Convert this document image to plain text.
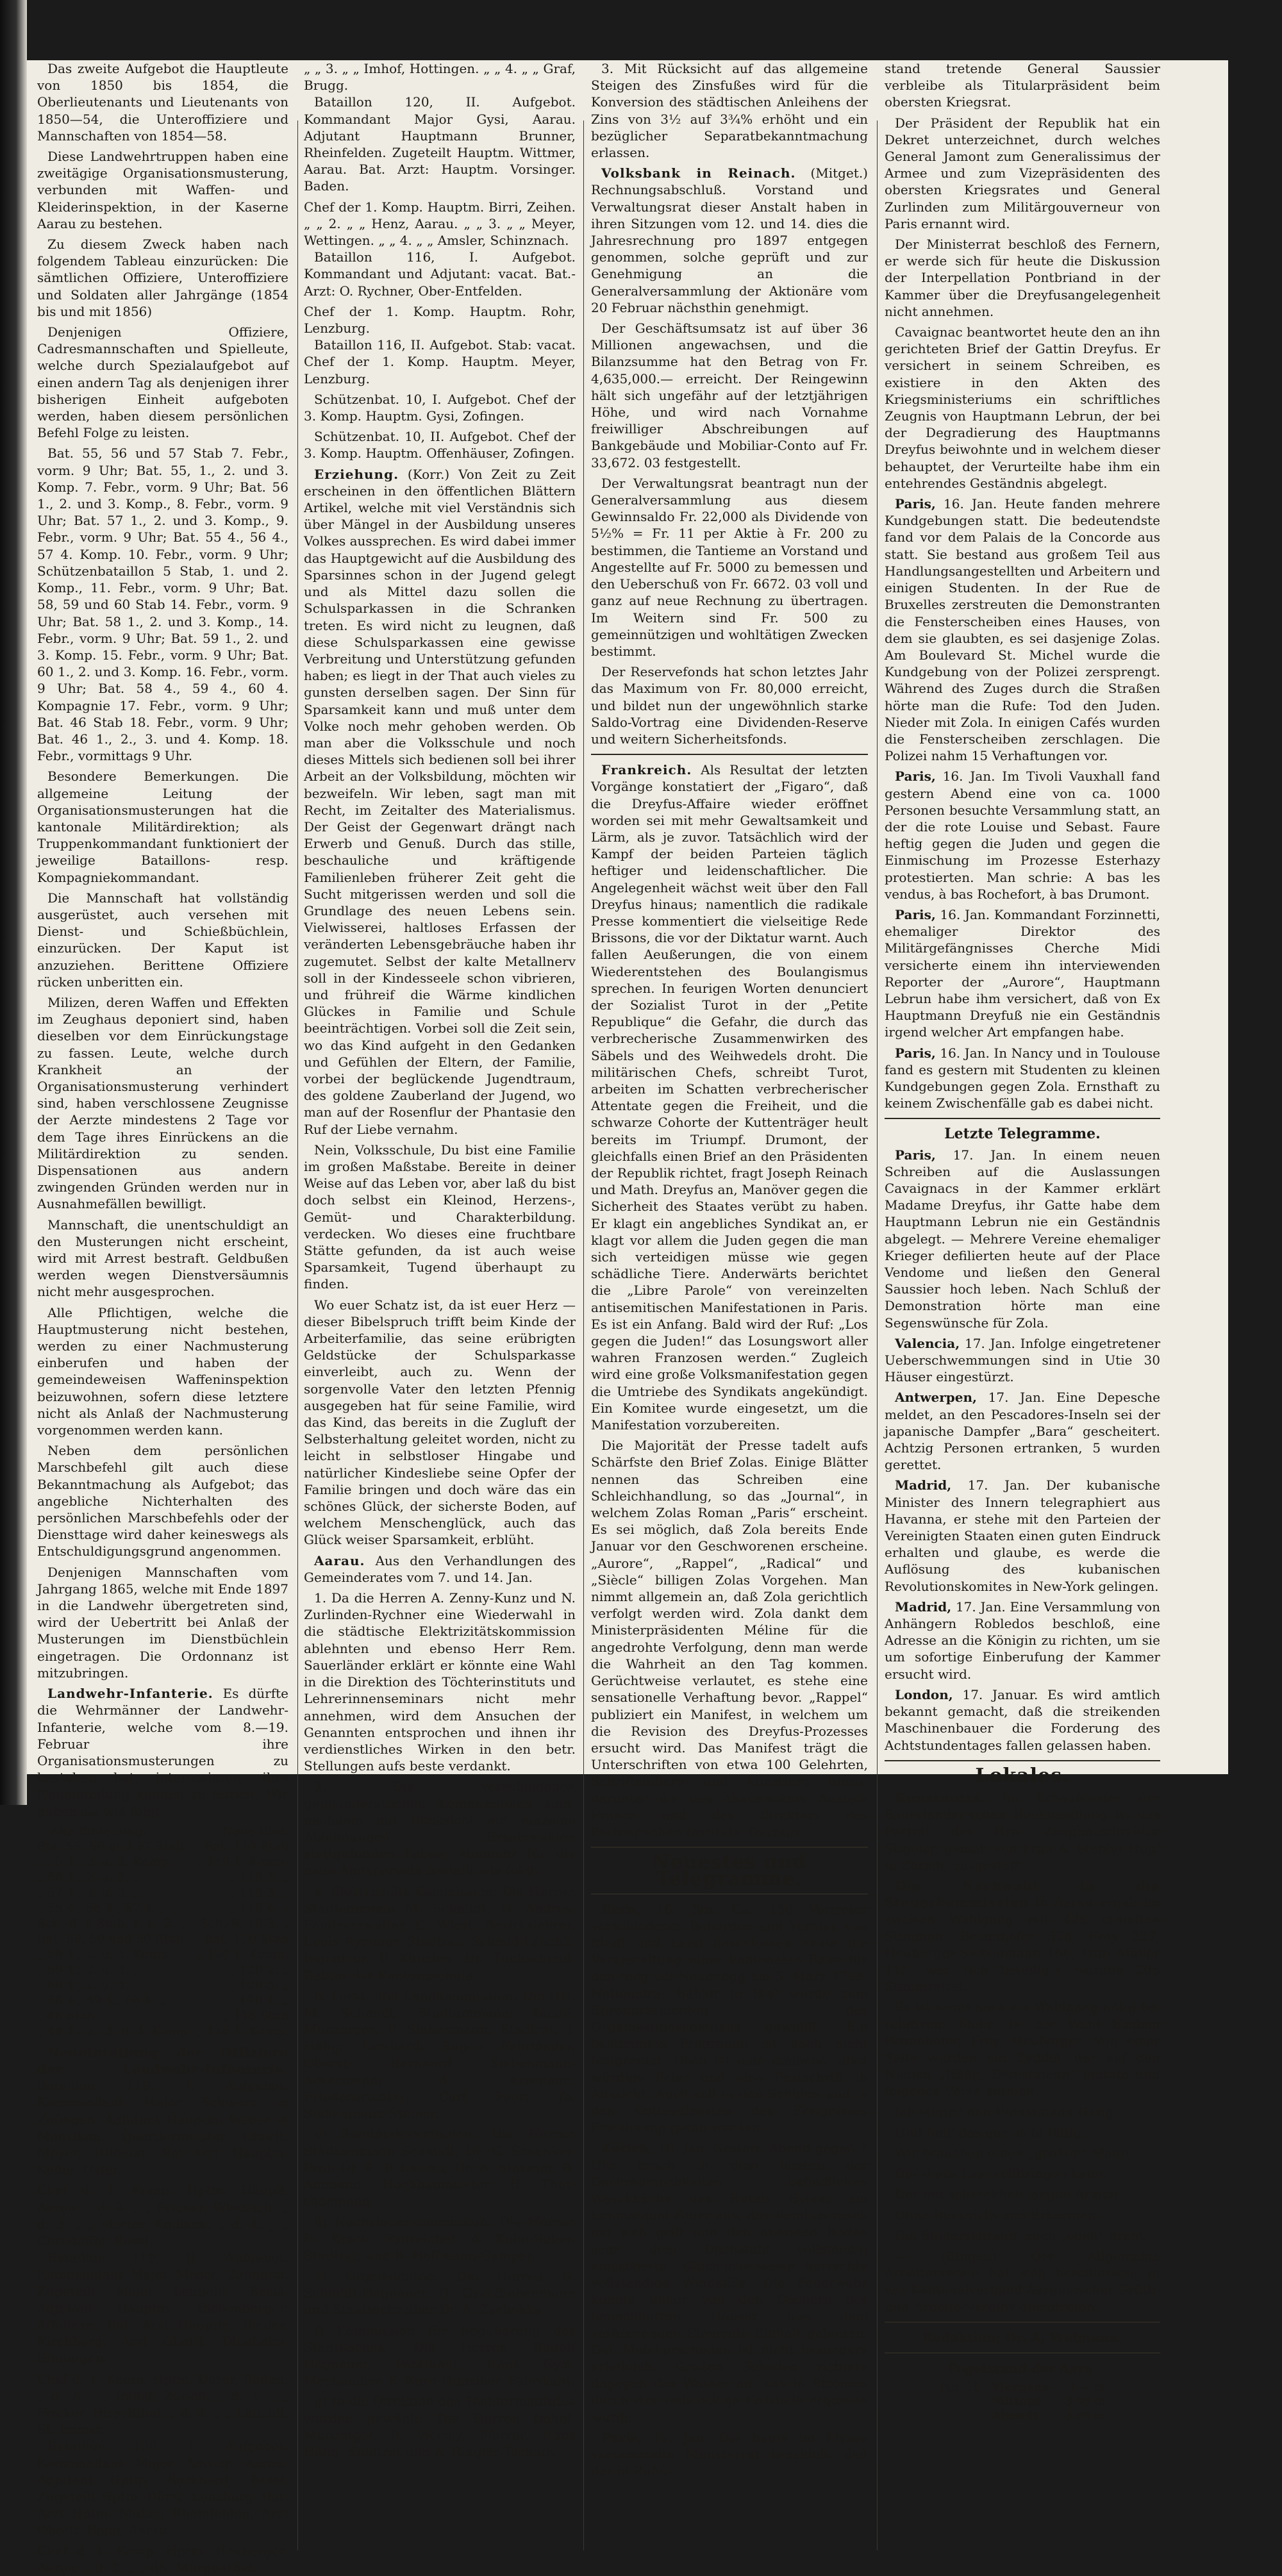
Das zweite Aufgebot die Hauptleute von 1850 bis 1854, die Oberlieutenants und Lieutenants von 1850—54, die Unteroffiziere und Mannschaften von 1854—58.

Diese Landwehrtruppen haben eine zweitägige Organisationsmusterung, verbunden mit Waffen- und Kleiderinspektion, in der Kaserne Aarau zu bestehen.

Zu diesem Zweck haben nach folgendem Tableau einzurücken: Die sämtlichen Offiziere, Unteroffiziere und Soldaten aller Jahrgänge (1854 bis und mit 1856)

Denjenigen Offiziere, Cadresmannschaften und Spielleute, welche durch Spezialaufgebot auf einen andern Tag als denjenigen ihrer bisherigen Einheit aufgeboten werden, haben diesem persönlichen Befehl Folge zu leisten.

Bat. 55, 56 und 57 Stab 7. Febr., vorm. 9 Uhr; Bat. 55, 1., 2. und 3. Komp. 7. Febr., vorm. 9 Uhr; Bat. 56 1., 2. und 3. Komp., 8. Febr., vorm. 9 Uhr; Bat. 57 1., 2. und 3. Komp., 9. Febr., vorm. 9 Uhr; Bat. 55 4., 56 4., 57 4. Komp. 10. Febr., vorm. 9 Uhr; Schützenbataillon 5 Stab, 1. und 2. Komp., 11. Febr., vorm. 9 Uhr; Bat. 58, 59 und 60 Stab 14. Febr., vorm. 9 Uhr; Bat. 58 1., 2. und 3. Komp., 14. Febr., vorm. 9 Uhr; Bat. 59 1., 2. und 3. Komp. 15. Febr., vorm. 9 Uhr; Bat. 60 1., 2. und 3. Komp. 16. Febr., vorm. 9 Uhr; Bat. 58 4., 59 4., 60 4. Kompagnie 17. Febr., vorm. 9 Uhr; Bat. 46 Stab 18. Febr., vorm. 9 Uhr; Bat. 46 1., 2., 3. und 4. Komp. 18. Febr., vormittags 9 Uhr.

Besondere Bemerkungen. Die allgemeine Leitung der Organisationsmusterungen hat die kantonale Militärdirektion; als Truppenkommandant funktioniert der jeweilige Bataillons- resp. Kompagniekommandant.

Die Mannschaft hat vollständig ausgerüstet, auch versehen mit Dienst- und Schießbüchlein, einzurücken. Der Kaput ist anzuziehen. Berittene Offiziere rücken unberitten ein.

Milizen, deren Waffen und Effekten im Zeughaus deponiert sind, haben dieselben vor dem Einrückungstage zu fassen. Leute, welche durch Krankheit an der Organisationsmusterung verhindert sind, haben verschlossene Zeugnisse der Aerzte mindestens 2 Tage vor dem Tage ihres Einrückens an die Militärdirektion zu senden. Dispensationen aus andern zwingenden Gründen werden nur in Ausnahmefällen bewilligt.

Mannschaft, die unentschuldigt an den Musterungen nicht erscheint, wird mit Arrest bestraft. Geldbußen werden wegen Dienstversäumnis nicht mehr ausgesprochen.

Alle Pflichtigen, welche die Hauptmusterung nicht bestehen, werden zu einer Nachmusterung einberufen und haben der gemeindeweisen Waffeninspektion beizuwohnen, sofern diese letztere nicht als Anlaß der Nachmusterung vorgenommen werden kann.

Neben dem persönlichen Marschbefehl gilt auch diese Bekanntmachung als Aufgebot; das angebliche Nichterhalten des persönlichen Marschbefehls oder der Diensttage wird daher keineswegs als Entschuldigungsgrund angenommen.

Denjenigen Mannschaften vom Jahrgang 1865, welche mit Ende 1897 in die Landwehr übergetreten sind, wird der Uebertritt bei Anlaß der Musterungen im Dienstbüchlein eingetragen. Die Ordonnanz ist mitzubringen.

Landwehr-Infanterie. Es dürfte die Wehrmänner der Landwehr-Infanterie, welche vom 8.—19. Februar ihre Organisationsmusterungen zu bestehen hat, interessieren, ihre Neueinteilung kennen zu lernen. Wir geben sie wie folgt:

Alte Einteilung.	Neue Eint.
Bat. 55, 56 und 57 Stab	Bat. 119 Stab
„ 55 1., 2. u. 3. Komp.	„ 119 1. Komp.
„ 56 1., 2. u. 3. „	„ 119 2. „
„ 57 1., 2. u. 3. „	„ 119 3. „
„ 55 4., 56 4., 57 4. „	„ 119 4. „
Sch.-B. 5 Stab, 1. u. 2. „	Sch.-B. 10 3. „
Bat. 58, 59 und 60 Stab	Bat. 120 Stab
„ 58 1., 2. u. 3. Komp.	„ 120 1. Komp.
„ 59 1., 2. u. 3. „	„ 120 2. „
„ 60 1., 2. u. 3. „	„ 120 3. „
„ 58 4., 59 4., 60 4. „	„ 120 4. „
„ 46 Stab	„ 116 Stab
„ 46 1., 2., 3. u. 4. Komp.	„ 116 1. Komp.

Neueinteilung der Offiziere der Landwehr-Infanterie. Bataillon 119, I. Aufgebot. Kommandant Major Schwarz in Zofingen. Adjutant Hauptm. Weber in Menziken. Quartiermeister Oberlt. Meyer, Hilfikon. Bat.-Arzt Hauptm. Keller, Uster.

Chef d. 1. Komp. Hptm. Häupli, Aarau. „ d. 2. „ „ Fricker, Windisch. „ d. 3. „ „ Matter, Kölliken. „ d. 4. „ „ Christoffel, Basel.

Bataillon 119, II. Aufgebot. Kommandant Major Moser, Zofingen. Zugeteilt Major Leupold, Basel. Adjutant Hauptm. Eichenberger, Affoltern. Bat. Arzt Hauptm. Bieder, Kirchberg. Arzt Oberlt. Ditisheim, Binningen.

Chef d. 1. Komp. Hptm. Dorer, Baden. „ d. 2. „ „ Imhof, Zürich. „ d. 3. „ „ Fricker, Hirschthal. „ d. 4. „ „ Läuchli, St. Immer.

Bataillon 120, I. Aufgebot. Kommandant Major Amsler, Aarau. Adjutant Hptm. Burkhard, Basel. Zugeteilt Hptm. Dürst, Lenzburg. Bat. Arzt Hptm. Müller, Rheinfelden, Arzt Oberlt. Bopp, Aarau.

Chef d. 1. Komp. Hptm. Heuberger, Aarau. „ d. 2. „ „ Ith, Murgenthal.

„ „ 3. „ „ Imhof, Hottingen. „ „ 4. „ „ Graf, Brugg.

Bataillon 120, II. Aufgebot. Kommandant Major Gysi, Aarau. Adjutant Hauptmann Brunner, Rheinfelden. Zugeteilt Hauptm. Wittmer, Aarau. Bat. Arzt: Hauptm. Vorsinger. Baden.

Chef der 1. Komp. Hauptm. Birri, Zeihen. „ „ 2. „ „ Henz, Aarau. „ „ 3. „ „ Meyer, Wettingen. „ „ 4. „ „ Amsler, Schinznach.

Bataillon 116, I. Aufgebot. Kommandant und Adjutant: vacat. Bat.-Arzt: O. Rychner, Ober-Entfelden.

Chef der 1. Komp. Hauptm. Rohr, Lenzburg.

Bataillon 116, II. Aufgebot. Stab: vacat. Chef der 1. Komp. Hauptm. Meyer, Lenzburg.

Schützenbat. 10, I. Aufgebot. Chef der 3. Komp. Hauptm. Gysi, Zofingen.

Schützenbat. 10, II. Aufgebot. Chef der 3. Komp. Hauptm. Offenhäuser, Zofingen.

Erziehung. (Korr.) Von Zeit zu Zeit erscheinen in den öffentlichen Blättern Artikel, welche mit viel Verständnis sich über Mängel in der Ausbildung unseres Volkes aussprechen. Es wird dabei immer das Hauptgewicht auf die Ausbildung des Sparsinnes schon in der Jugend gelegt und als Mittel dazu sollen die Schulsparkassen in die Schranken treten. Es wird nicht zu leugnen, daß diese Schulsparkassen eine gewisse Verbreitung und Unterstützung gefunden haben; es liegt in der That auch vieles zu gunsten derselben sagen. Der Sinn für Sparsamkeit kann und muß unter dem Volke noch mehr gehoben werden. Ob man aber die Volksschule und noch dieses Mittels sich bedienen soll bei ihrer Arbeit an der Volksbildung, möchten wir bezweifeln. Wir leben, sagt man mit Recht, im Zeitalter des Materialismus. Der Geist der Gegenwart drängt nach Erwerb und Genuß. Durch das stille, beschauliche und kräftigende Familienleben früherer Zeit geht die Sucht mitgerissen werden und soll die Grundlage des neuen Lebens sein. Vielwisserei, haltloses Erfassen der veränderten Lebensgebräuche haben ihr zugemutet. Selbst der kalte Metallnerv soll in der Kindesseele schon vibrieren, und frühreif die Wärme kindlichen Glückes in Familie und Schule beeinträchtigen. Vorbei soll die Zeit sein, wo das Kind aufgeht in den Gedanken und Gefühlen der Eltern, der Familie, vorbei der beglückende Jugendtraum, des goldene Zauberland der Jugend, wo man auf der Rosenflur der Phantasie den Ruf der Liebe vernahm.

Nein, Volksschule, Du bist eine Familie im großen Maßstabe. Bereite in deiner Weise auf das Leben vor, aber laß du bist doch selbst ein Kleinod, Herzens-, Gemüt- und Charakterbildung. verdecken. Wo dieses eine fruchtbare Stätte gefunden, da ist auch weise Sparsamkeit, Tugend überhaupt zu finden.

Wo euer Schatz ist, da ist euer Herz — dieser Bibelspruch trifft beim Kinde der Arbeiterfamilie, das seine erübrigten Geldstücke der Schulsparkasse einverleibt, auch zu. Wenn der sorgenvolle Vater den letzten Pfennig ausgegeben hat für seine Familie, wird das Kind, das bereits in die Zugluft der Selbsterhaltung geleitet worden, nicht zu leicht in selbstloser Hingabe und natürlicher Kindesliebe seine Opfer der Familie bringen und doch wäre das ein schönes Glück, der sicherste Boden, auf welchem Menschenglück, auch das Glück weiser Sparsamkeit, erblüht.

Aarau. Aus den Verhandlungen des Gemeinderates vom 7. und 14. Jan.

1. Da die Herren A. Zenny-Kunz und N. Zurlinden-Rychner eine Wiederwahl in die städtische Elektrizitätskommission ablehnten und ebenso Herr Rem. Sauerländer erklärt er könnte eine Wahl in die Direktion des Töchterinstituts und Lehrerinnenseminars nicht mehr annehmen, wird dem Ansuchen der Genannten entsprochen und ihnen ihr verdienstliches Wirken in den betr. Stellungen aufs beste verdankt.

2. Die verschiedenen gemeinderätlichen Kommissionen sind, nachdem mit Rücksicht auf einzelne Ablehnungen Ersatzwahlen stattgefunden haben, nunmehr für die neue Amtsperiode bestellt wie folgt:

a. Elektrizitäts-Kommission: Die Herren Stadtammann M. Schmidt, G. Andres, Fondsverwalter, C. Wiest, Bezirkslehrer, Louis Rychner, Stadtrat, Schmid-Läuchli, Ingenieur, F. Künzlen, Dr. Tuchschmid, Rektor der Kantonsschule.

b. Forst- und Landkommission: Die HH. M. Schmidt, Stadtammann; Imhof-Munzinger; F. Siebenmann, Stadtrat; J. Häfig; Lienhard; Eugen Fahrländer, Oberst; Bernhard Siebenmann-Ackermann; A. Erismann, Friedensrichter; Carl Feer; Jb. Siebenmann-Steiner.

c) Sanitätskommission: Die Herren Stadtammann Schmidt, Dr. G. Schenker, Prof. Dr. E. P. Liechti, Dr. A. Stäbelin, R. Ammann, Hochbaumeister, H. Thut-Gidemann.

d) Nachsteuerkommission: Die Herren H. Brack, Polizeichef, A. Kuhn-Suber, Stadtrat, und E. Hoffmann-Gamper.

e) Orgelkomitee: Die Herren G. Schmidt-Hagnauer, O. Gysi-Siebenmann und Staatsschreiber Dr. A. Zschokke.

f) Kommission für Regulierung des Stadtbaches: Die Herren Rudolf Hegnauer, Fabrikant, Hans Gysi, Mechaniker, E. Kern-Hunziker, Fabrikant.

g) In die Direktion des Töchterinstitutes wurden gewählt: Die Herren Imhof-Munzinger, R. Wernly, Pfarrer, Hans Häfig, Stadtrat und A. Ringier-Tschudy.

3. Mit Rücksicht auf das allgemeine Steigen des Zinsfußes wird für die Konversion des städtischen Anleihens der Zins von 3½ auf 3¾% erhöht und ein bezüglicher Separatbekanntmachung erlassen.

Volksbank in Reinach. (Mitget.) Rechnungsabschluß. Vorstand und Verwaltungsrat dieser Anstalt haben in ihren Sitzungen vom 12. und 14. dies die Jahresrechnung pro 1897 entgegen genommen, solche geprüft und zur Genehmigung an die Generalversammlung der Aktionäre vom 20 Februar nächsthin genehmigt.

Der Geschäftsumsatz ist auf über 36 Millionen angewachsen, und die Bilanzsumme hat den Betrag von Fr. 4,635,000.— erreicht. Der Reingewinn hält sich ungefähr auf der letztjährigen Höhe, und wird nach Vornahme freiwilliger Abschreibungen auf Bankgebäude und Mobiliar-Conto auf Fr. 33,672. 03 festgestellt.

Der Verwaltungsrat beantragt nun der Generalversammlung aus diesem Gewinnsaldo Fr. 22,000 als Dividende von 5½% = Fr. 11 per Aktie à Fr. 200 zu bestimmen, die Tantieme an Vorstand und Angestellte auf Fr. 5000 zu bemessen und den Ueberschuß von Fr. 6672. 03 voll und ganz auf neue Rechnung zu übertragen. Im Weitern sind Fr. 500 zu gemeinnützigen und wohltätigen Zwecken bestimmt.

Der Reservefonds hat schon letztes Jahr das Maximum von Fr. 80,000 erreicht, und bildet nun der ungewöhnlich starke Saldo-Vortrag eine Dividenden-Reserve und weitern Sicherheitsfonds.

Frankreich. Als Resultat der letzten Vorgänge konstatiert der „Figaro“, daß die Dreyfus-Affaire wieder eröffnet worden sei mit mehr Gewaltsamkeit und Lärm, als je zuvor. Tatsächlich wird der Kampf der beiden Parteien täglich heftiger und leidenschaftlicher. Die Angelegenheit wächst weit über den Fall Dreyfus hinaus; namentlich die radikale Presse kommentiert die vielseitige Rede Brissons, die vor der Diktatur warnt. Auch fallen Aeußerungen, die von einem Wiederentstehen des Boulangismus sprechen. In feurigen Worten denunciert der Sozialist Turot in der „Petite Republique“ die Gefahr, die durch das verbrecherische Zusammenwirken des Säbels und des Weihwedels droht. Die militärischen Chefs, schreibt Turot, arbeiten im Schatten verbrecherischer Attentate gegen die Freiheit, und die schwarze Cohorte der Kuttenträger heult bereits im Triumpf. Drumont, der gleichfalls einen Brief an den Präsidenten der Republik richtet, fragt Joseph Reinach und Math. Dreyfus an, Manöver gegen die Sicherheit des Staates verübt zu haben. Er klagt ein angebliches Syndikat an, er klagt vor allem die Juden gegen die man sich verteidigen müsse wie gegen schädliche Tiere. Anderwärts berichtet die „Libre Parole“ von vereinzelten antisemitischen Manifestationen in Paris. Es ist ein Anfang. Bald wird der Ruf: „Los gegen die Juden!“ das Losungswort aller wahren Franzosen werden.“ Zugleich wird eine große Volksmanifestation gegen die Umtriebe des Syndikats angekündigt. Ein Komitee wurde eingesetzt, um die Manifestation vorzubereiten.

Die Majorität der Presse tadelt aufs Schärfste den Brief Zolas. Einige Blätter nennen das Schreiben eine Schleichhandlung, so das „Journal“, in welchem Zolas Roman „Paris“ erscheint. Es sei möglich, daß Zola bereits Ende Januar vor den Geschworenen erscheine. „Aurore“, „Rappel“, „Radical“ und „Siècle“ billigen Zolas Vorgehen. Man nimmt allgemein an, daß Zola gerichtlich verfolgt werden wird. Zola dankt dem Ministerpräsidenten Méline für die angedrohte Verfolgung, denn man werde die Wahrheit an den Tag kommen. Gerüchtweise verlautet, es stehe eine sensationelle Verhaftung bevor. „Rappel“ publiziert ein Manifest, in welchem um die Revision des Dreyfus-Prozesses ersucht wird. Das Manifest trägt die Unterschriften von etwa 100 Gelehrten, Schriftstellern und Künstlern hinzu, darunter die des Akademikers Anatole France und des Direktors des Pasteur'schen Instituts, Duclaux.

Neuestes und Telegramme.

Bern, 16. Jan. Ca. 150 Vertreter verschiedener Behörden und Vereine von Stadt und Land beschlossen heute die Veranstaltung einer kantonalen Feier für den Sieg bei Neuenegg am 5. März 1798. Nationalrat Bähler in Biel wurde zum Ehrenpräsidenten des Organisationskomitees gewählt. Ein bestimmtes Programm ist noch nicht festgesetzt. Doch ist eine einfache, aber würdige Feier und eine Festschrift in Aussicht. Auch soll in den Schulen und in den Gottesdiensten des Ereignisses Erwähnung getan werden.

Zürich, 16. Jan. Gestern Abend gegen 7 Uhr brach in dem letzten der Dachräumlichkeiten befindlichen Waschküche des Hotels Bylant am Limmatquai Feuer aus, das ziemlich rasch um sich griff und den obersten Boden samt dem Dachstuhl vollständig einäscherte. Glücklicherweise herrschte vollständige Windstille. Die Feuerwehr konnte daher von den Dächern der benachbarten Häuser aus dem verheerenden Elemente Einhalt gebieten. Der Mobiliarschaden ist nicht besonders erheblich. Großen Schaden richtete dagegen das Wasser an, das in Strömen durch das vielstöckige Gebäude ergossen wurde.

Paris, 15. Jan. Der heute im Elysee versammelte Ministerrat beschloß, daß der in Ruhe-

stand tretende General Saussier verbleibe als Titularpräsident beim obersten Kriegsrat.

Der Präsident der Republik hat ein Dekret unterzeichnet, durch welches General Jamont zum Generalissimus der Armee und zum Vizepräsidenten des obersten Kriegsrates und General Zurlinden zum Militärgouverneur von Paris ernannt wird.

Der Ministerrat beschloß des Fernern, er werde sich für heute die Diskussion der Interpellation Pontbriand in der Kammer über die Dreyfusangelegenheit nicht annehmen.

Cavaignac beantwortet heute den an ihn gerichteten Brief der Gattin Dreyfus. Er versichert in seinem Schreiben, es existiere in den Akten des Kriegsministeriums ein schriftliches Zeugnis von Hauptmann Lebrun, der bei der Degradierung des Hauptmanns Dreyfus beiwohnte und in welchem dieser behauptet, der Verurteilte habe ihm ein entehrendes Geständnis abgelegt.

Paris, 16. Jan. Heute fanden mehrere Kundgebungen statt. Die bedeutendste fand vor dem Palais de la Concorde aus statt. Sie bestand aus großem Teil aus Handlungsangestellten und Arbeitern und einigen Studenten. In der Rue de Bruxelles zerstreuten die Demonstranten die Fensterscheiben eines Hauses, von dem sie glaubten, es sei dasjenige Zolas. Am Boulevard St. Michel wurde die Kundgebung von der Polizei zersprengt. Während des Zuges durch die Straßen hörte man die Rufe: Tod den Juden. Nieder mit Zola. In einigen Cafés wurden die Fensterscheiben zerschlagen. Die Polizei nahm 15 Verhaftungen vor.

Paris, 16. Jan. Im Tivoli Vauxhall fand gestern Abend eine von ca. 1000 Personen besuchte Versammlung statt, an der die rote Louise und Sebast. Faure heftig gegen die Juden und gegen die Einmischung im Prozesse Esterhazy protestierten. Man schrie: A bas les vendus, à bas Rochefort, à bas Drumont.

Paris, 16. Jan. Kommandant Forzinnetti, ehemaliger Direktor des Militärgefängnisses Cherche Midi versicherte einem ihn interviewenden Reporter der „Aurore“, Hauptmann Lebrun habe ihm versichert, daß von Ex Hauptmann Dreyfuß nie ein Geständnis irgend welcher Art empfangen habe.

Paris, 16. Jan. In Nancy und in Toulouse fand es gestern mit Studenten zu kleinen Kundgebungen gegen Zola. Ernsthaft zu keinem Zwischenfälle gab es dabei nicht.

Letzte Telegramme.

Paris, 17. Jan. In einem neuen Schreiben auf die Auslassungen Cavaignacs in der Kammer erklärt Madame Dreyfus, ihr Gatte habe dem Hauptmann Lebrun nie ein Geständnis abgelegt. — Mehrere Vereine ehemaliger Krieger defilierten heute auf der Place Vendome und ließen den General Saussier hoch leben. Nach Schluß der Demonstration hörte man eine Segenswünsche für Zola.

Valencia, 17. Jan. Infolge eingetretener Ueberschwemmungen sind in Utie 30 Häuser eingestürzt.

Antwerpen, 17. Jan. Eine Depesche meldet, an den Pescadores-Inseln sei der japanische Dampfer „Bara“ gescheitert. Achtzig Personen ertranken, 5 wurden gerettet.

Madrid, 17. Jan. Der kubanische Minister des Innern telegraphiert aus Havanna, er stehe mit den Parteien der Vereinigten Staaten einen guten Eindruck erhalten und glaube, es werde die Auflösung des kubanischen Revolutionskomites in New-York gelingen.

Madrid, 17. Jan. Eine Versammlung von Anhängern Robledos beschloß, eine Adresse an die Königin zu richten, um sie um sofortige Einberufung der Kammer ersucht wird.

London, 17. Januar. Es wird amtlich bekannt gemacht, daß die streikenden Maschinenbauer die Forderung des Achtstundentages fallen gelassen haben.

Lokales.

Kunstnotiz. Im Schaufenster der Sauerländer'schen Buchhandlung ist das Porträt des Hrn. Zeughausdirektor Stigeler, gemalt von Frau A. Stebler-Hopf in Zürich, ausgestellt.

Die Nachwahl in die Steuerkommission in Aarau ergab im zweiten Wahlgang mit 429 erhielten Stimmen: Brunnhofer 328, Frey 227, Heuberger-Siebenmann 156, Otto Müller 112, wer sich beteiligte wurden 205 Stimmzettel.

Es ist somit noch ein Wahlgang nötig bei relativem Mehr. In der Wahl bleiben Brunnhofer, Frey, Heuberger. Von einer Seite wurden ein Zeddel, der auf den Namen „Häfig, Dienstmann“ lautete und folgende Verse enthielt:

Ich stimm' den Dienstmann Häfig

Und find' das gar nicht läßig

Wir brauchen einen „großen“ Mann,

Der diese Last vollbringen kann,

Der mit schrecklich langen Armen

Ohne Rücksicht und Erbarmen

Die Steuerschraub' nach „oben“ dreht.

— (Eingel.) Der Allgemeine Arbeiterverein hat sich beschlossen, in der Kantonalverband Aargauischer Grütli- und Arbeitervereine einzutreten.

Redaktion: Dr. A. Widmann.
Pegelstand der Aare.
Jan. 15.	Morgens	4.— m
	Mittags	3.98 m
	Abends	3.98 m
